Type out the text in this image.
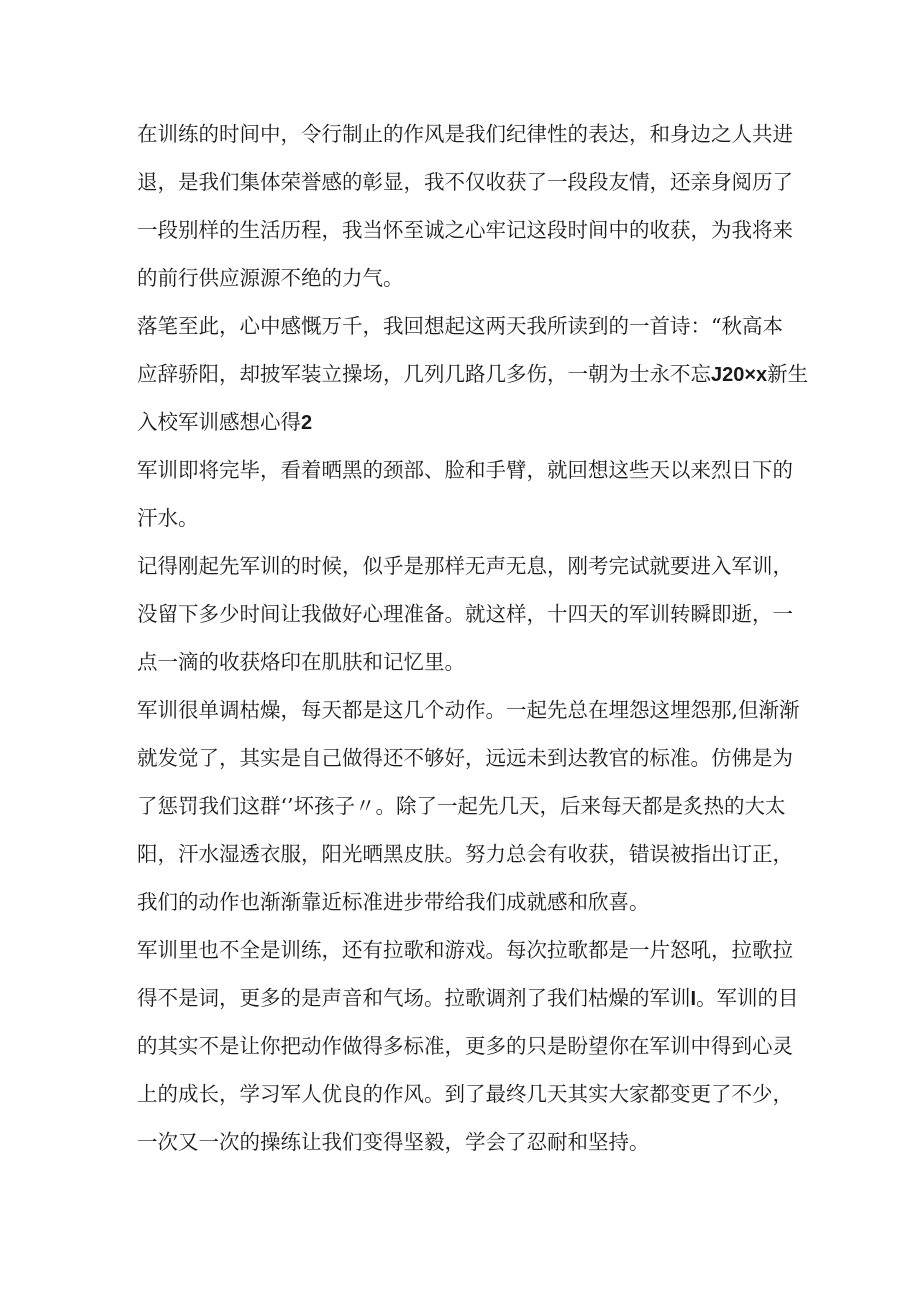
在训练的时间中，令行制止的作风是我们纪律性的表达，和身边之人共进

退，是我们集体荣誉感的彰显，我不仅收获了一段段友情，还亲身阅历了

一段别样的生活历程，我当怀至诚之心牢记这段时间中的收获，为我将来

的前行供应源源不绝的力气。

落笔至此，心中感慨万千，我回想起这两天我所读到的一首诗：“秋高本

应辞骄阳，却披军装立操场，几列几路几多伤，一朝为士永不忘J20×x新生

入校军训感想心得2

军训即将完毕，看着晒黑的颈部、脸和手臂，就回想这些天以来烈日下的

汗水。

记得刚起先军训的时候，似乎是那样无声无息，刚考完试就要进入军训，

没留下多少时间让我做好心理准备。就这样，十四天的军训转瞬即逝，一

点一滴的收获烙印在肌肤和记忆里。

军训很单调枯燥，每天都是这几个动作。一起先总在埋怨这埋怨那,但渐渐

就发觉了，其实是自己做得还不够好，远远未到达教官的标准。仿佛是为

了惩罚我们这群‘’坏孩子〃。除了一起先几天，后来每天都是炙热的大太

阳，汗水湿透衣服，阳光晒黑皮肤。努力总会有收获，错误被指出订正，

我们的动作也渐渐靠近标准进步带给我们成就感和欣喜。

军训里也不全是训练，还有拉歌和游戏。每次拉歌都是一片怒吼，拉歌拉

得不是词，更多的是声音和气场。拉歌调剂了我们枯燥的军训I。军训的目

的其实不是让你把动作做得多标准，更多的只是盼望你在军训中得到心灵

上的成长，学习军人优良的作风。到了最终几天其实大家都变更了不少，

一次又一次的操练让我们变得坚毅，学会了忍耐和坚持。
